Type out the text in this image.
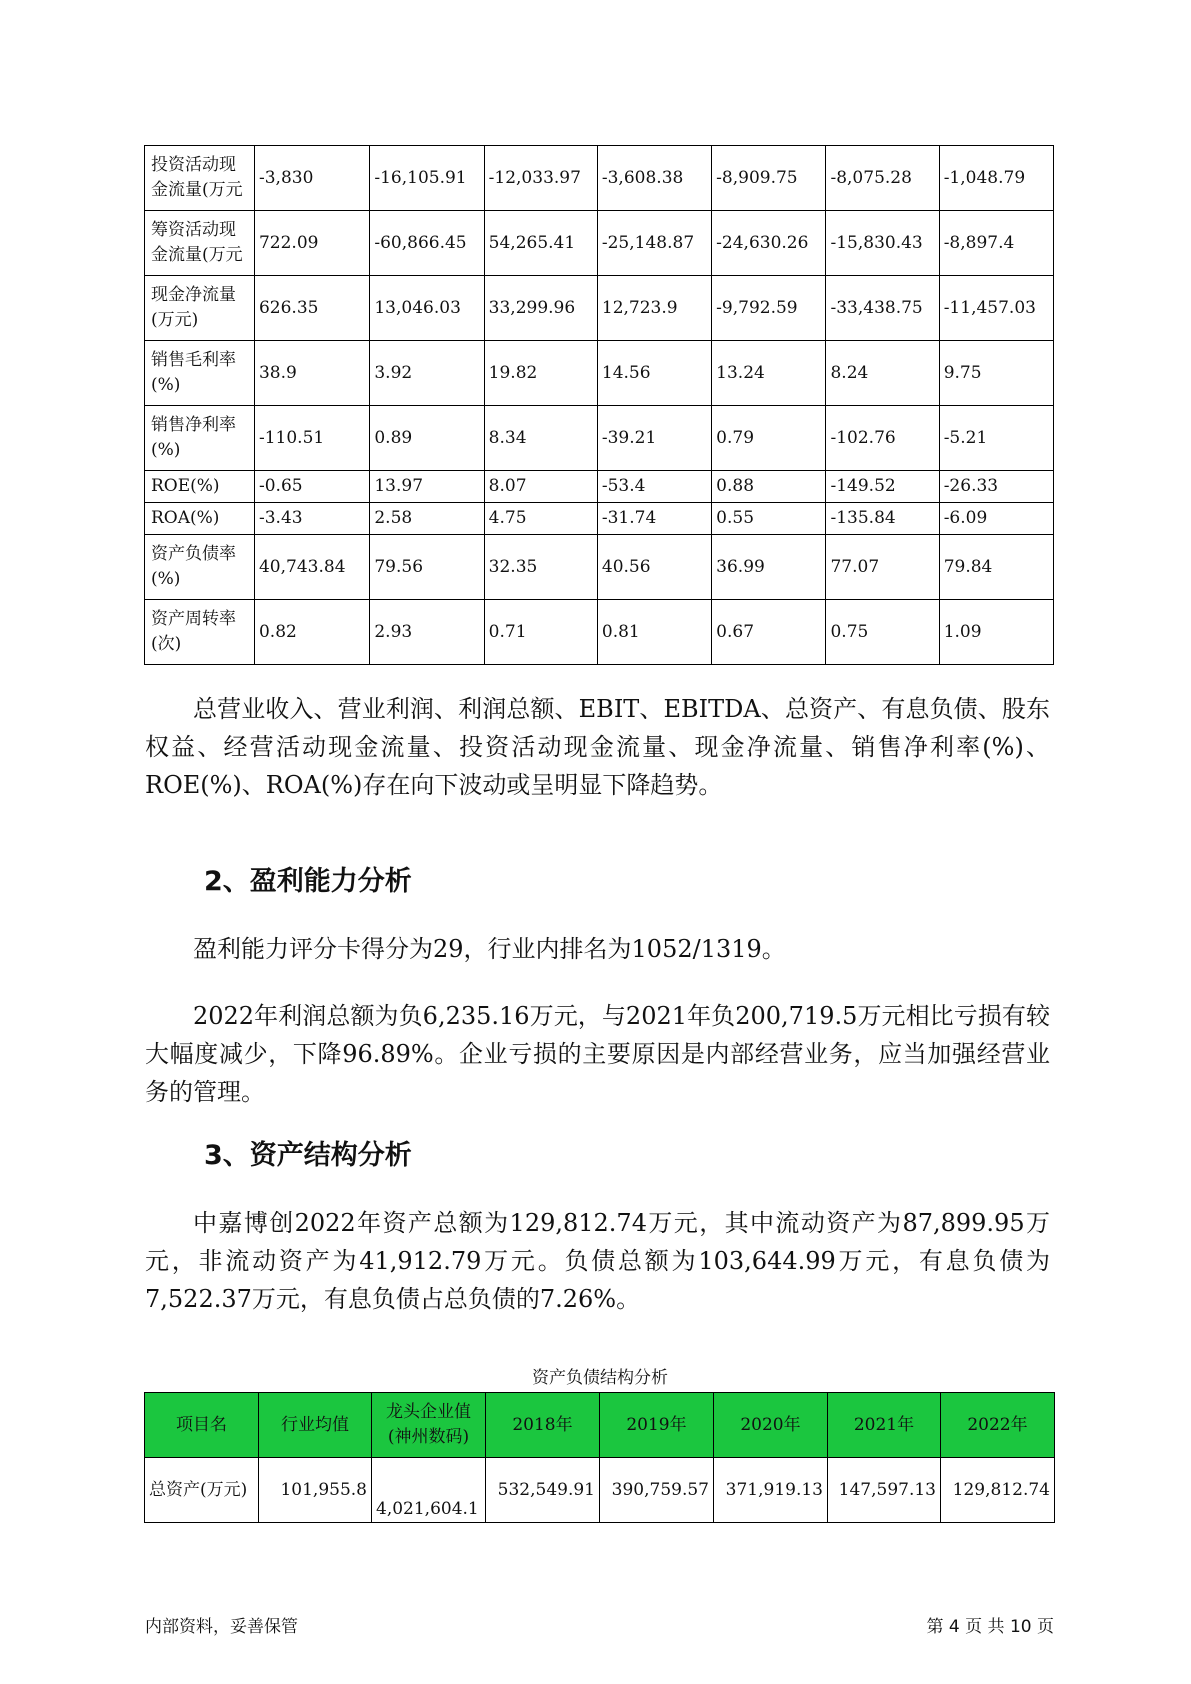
投资活动现金流量(万元	-3,830	-16,105.91	-12,033.97	-3,608.38	-8,909.75	-8,075.28	-1,048.79
筹资活动现金流量(万元	722.09	-60,866.45	54,265.41	-25,148.87	-24,630.26	-15,830.43	-8,897.4
现金净流量(万元)	626.35	13,046.03	33,299.96	12,723.9	-9,792.59	-33,438.75	-11,457.03
销售毛利率(%)	38.9	3.92	19.82	14.56	13.24	8.24	9.75
销售净利率(%)	-110.51	0.89	8.34	-39.21	0.79	-102.76	-5.21
ROE(%)	-0.65	13.97	8.07	-53.4	0.88	-149.52	-26.33
ROA(%)	-3.43	2.58	4.75	-31.74	0.55	-135.84	-6.09
资产负债率(%)	40,743.84	79.56	32.35	40.56	36.99	77.07	79.84
资产周转率(次)	0.82	2.93	0.71	0.81	0.67	0.75	1.09

总营业收入、营业利润、利润总额、EBIT、EBITDA、总资产、有息负债、股东权益、经营活动现金流量、投资活动现金流量、现金净流量、销售净利率(%)、ROE(%)、ROA(%)存在向下波动或呈明显下降趋势。

2、盈利能力分析

盈利能力评分卡得分为29，行业内排名为1052/1319。

2022年利润总额为负6,235.16万元，与2021年负200,719.5万元相比亏损有较大幅度减少，下降96.89%。企业亏损的主要原因是内部经营业务，应当加强经营业务的管理。

3、资产结构分析

中嘉博创2022年资产总额为129,812.74万元，其中流动资产为87,899.95万元，非流动资产为41,912.79万元。负债总额为103,644.99万元，有息负债为7,522.37万元，有息负债占总负债的7.26%。

资产负债结构分析

项目名	行业均值	龙头企业值(神州数码)	2018年	2019年	2020年	2021年	2022年
总资产(万元)	101,955.8	4,021,604.1	532,549.91	390,759.57	371,919.13	147,597.13	129,812.74

内部资料，妥善保管	第 4 页 共 10 页
